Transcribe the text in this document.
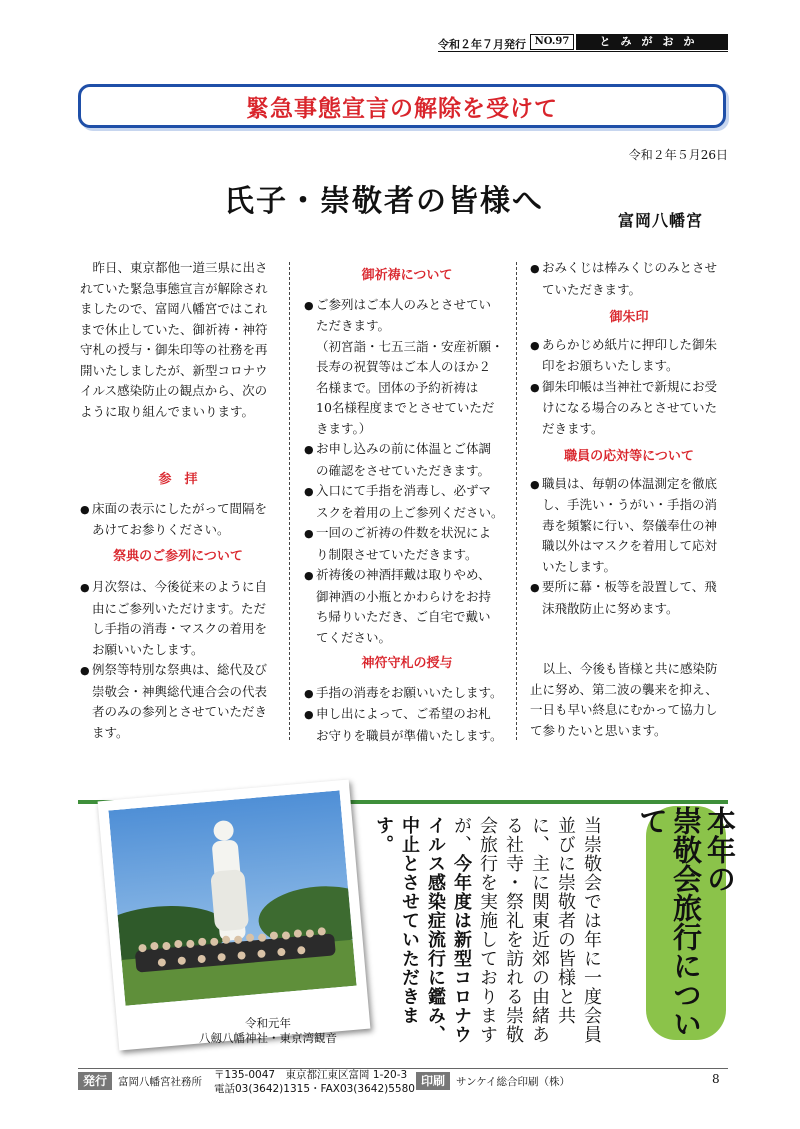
令和２年７月発行 NO.97	とみがおか
緊急事態宣言の解除を受けて
令和２年５月26日
氏子・崇敬者の皆様へ
富岡八幡宮
昨日、東京都他一道三県に出さ
れていた緊急事態宣言が解除され
ましたので、富岡八幡宮ではこれ
まで休止していた、御祈祷・神符
守札の授与・御朱印等の社務を再
開いたしましたが、新型コロナウ
イルス感染防止の観点から、次の
ように取り組んでまいります。

参　拝

● 床面の表示にしたがって間隔を
あけてお参りください。

祭典のご参列について

● 月次祭は、今後従来のように自
由にご参列いただけます。ただ
し手指の消毒・マスクの着用を
お願いいたします。

● 例祭等特別な祭典は、総代及び
崇敬会・神輿総代連合会の代表
者のみの参列とさせていただき
ます。

御祈祷について

● ご参列はご本人のみとさせてい
ただきます。
（初宮詣・七五三詣・安産祈願・
長寿の祝賀等はご本人のほか２
名様まで。団体の予約祈祷は
10名様程度までとさせていただ
きます。）

● お申し込みの前に体温とご体調
の確認をさせていただきます。

● 入口にて手指を消毒し、必ずマ
スクを着用の上ご参列ください。

● 一回のご祈祷の件数を状況によ
り制限させていただきます。

● 祈祷後の神酒拝戴は取りやめ、
御神酒の小瓶とかわらけをお持
ち帰りいただき、ご自宅で戴い
てください。

神符守札の授与

● 手指の消毒をお願いいたします。

● 申し出によって、ご希望のお札
お守りを職員が準備いたします。

● おみくじは棒みくじのみとさせ
ていただきます。

御朱印

● あらかじめ紙片に押印した御朱
印をお頒ちいたします。

● 御朱印帳は当神社で新規にお受
けになる場合のみとさせていた
だきます。

職員の応対等について

● 職員は、毎朝の体温測定を徹底
し、手洗い・うがい・手指の消
毒を頻繁に行い、祭儀奉仕の神
職以外はマスクを着用して応対
いたします。

● 要所に幕・板等を設置して、飛
沫飛散防止に努めます。

以上、今後も皆様と共に感染防
止に努め、第二波の襲来を抑え、
一日も早い終息にむかって協力し
て参りたいと思います。

令和元年
八劔八幡神社・東京湾観音	当崇敬会では年に一度会員並びに崇敬者の皆様と共に、主に関東近郊の由緒ある社寺・祭礼を訪れる崇敬会旅行を実施しておりますが、今年度は新型コロナウイルス感染症流行に鑑み、中止とさせていただきます。	本年の
崇敬会旅行について
発行	富岡八幡宮社務所
〒135-0047　東京都江東区富岡 1-20-3
電話03(3642)1315・FAX03(3642)5580
印刷	サンケイ総合印刷（株）	8
